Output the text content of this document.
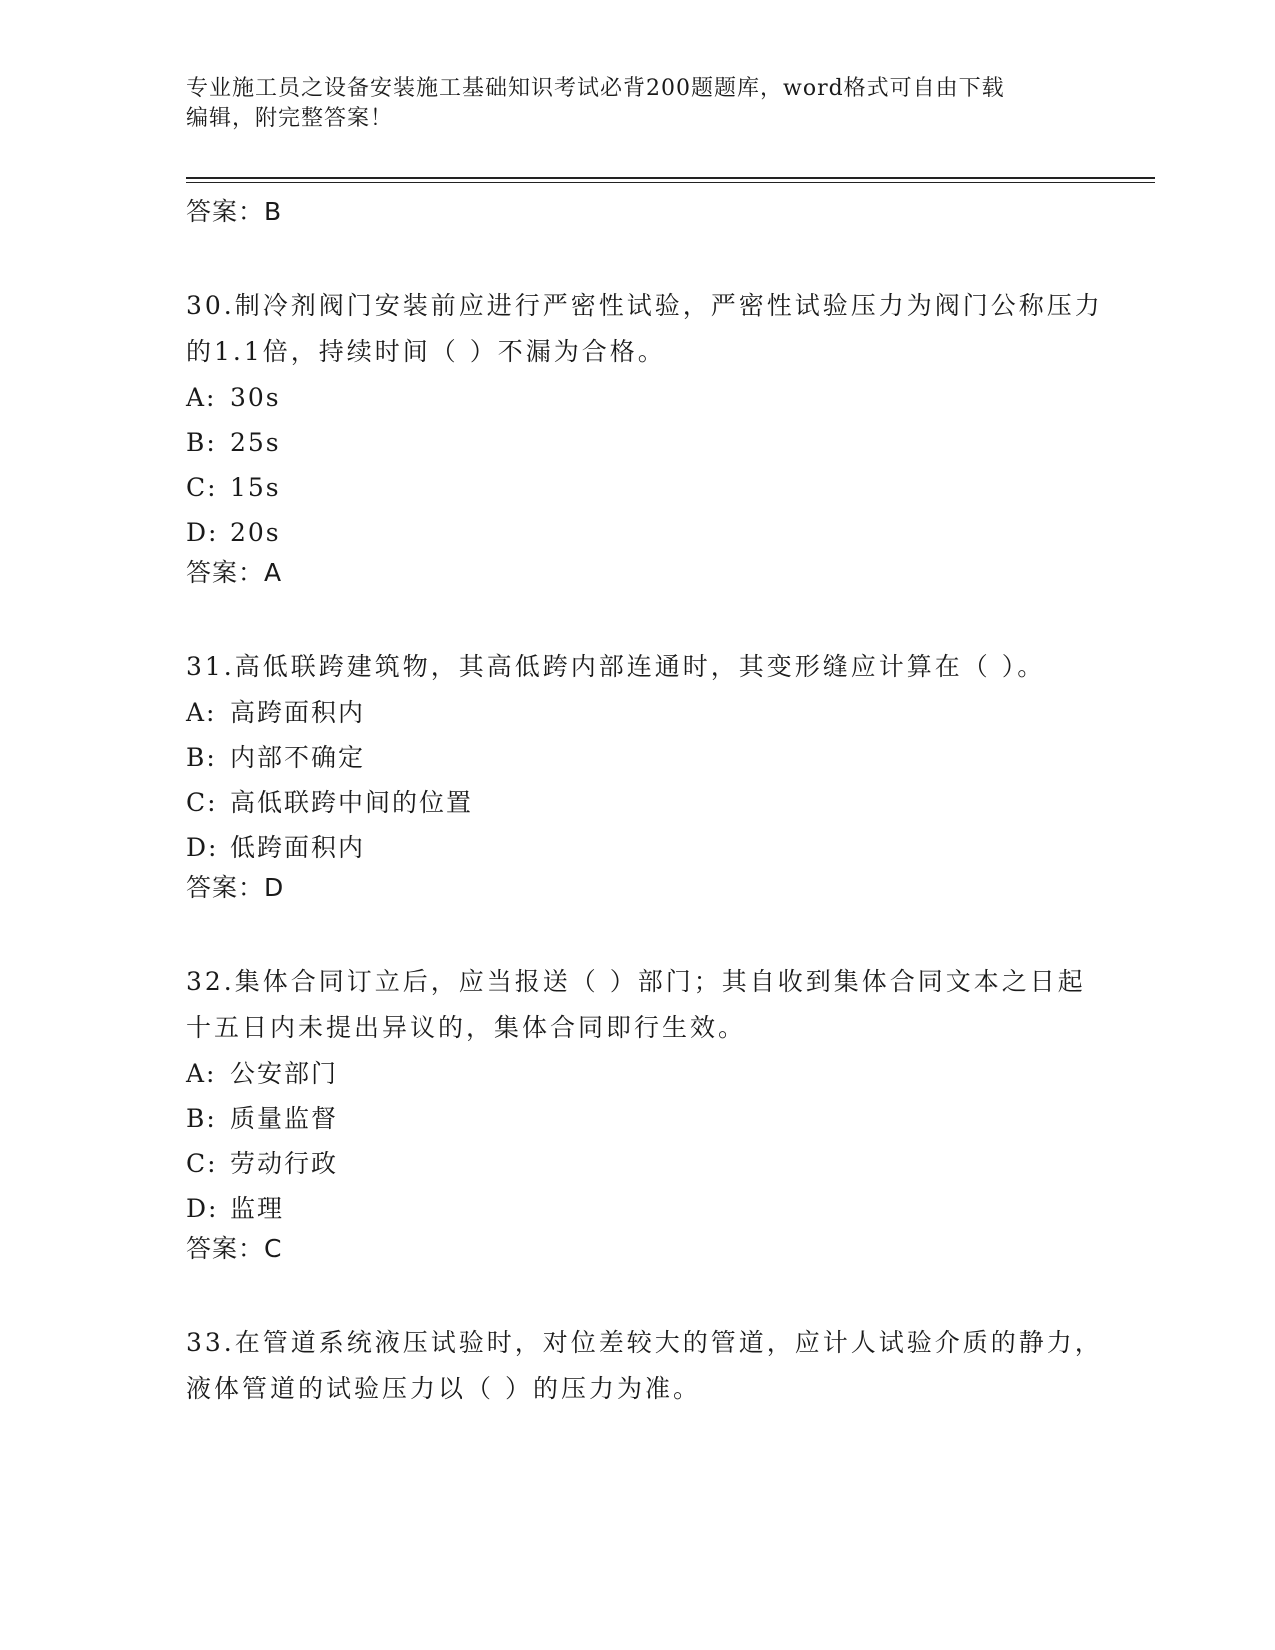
专业施工员之设备安装施工基础知识考试必背200题题库，word格式可自由下载
编辑，附完整答案！
答案：B
30.制冷剂阀门安装前应进行严密性试验，严密性试验压力为阀门公称压力的1.1倍，持续时间（ ）不漏为合格。
A: 30s
B: 25s
C: 15s
D: 20s
答案：A
31.高低联跨建筑物，其高低跨内部连通时，其变形缝应计算在（ ）。
A: 高跨面积内
B: 内部不确定
C: 高低联跨中间的位置
D: 低跨面积内
答案：D
32.集体合同订立后，应当报送（ ）部门；其自收到集体合同文本之日起十五日内未提出异议的，集体合同即行生效。
A: 公安部门
B: 质量监督
C: 劳动行政
D: 监理
答案：C
33.在管道系统液压试验时，对位差较大的管道，应计人试验介质的静力，液体管道的试验压力以（ ）的压力为准。
